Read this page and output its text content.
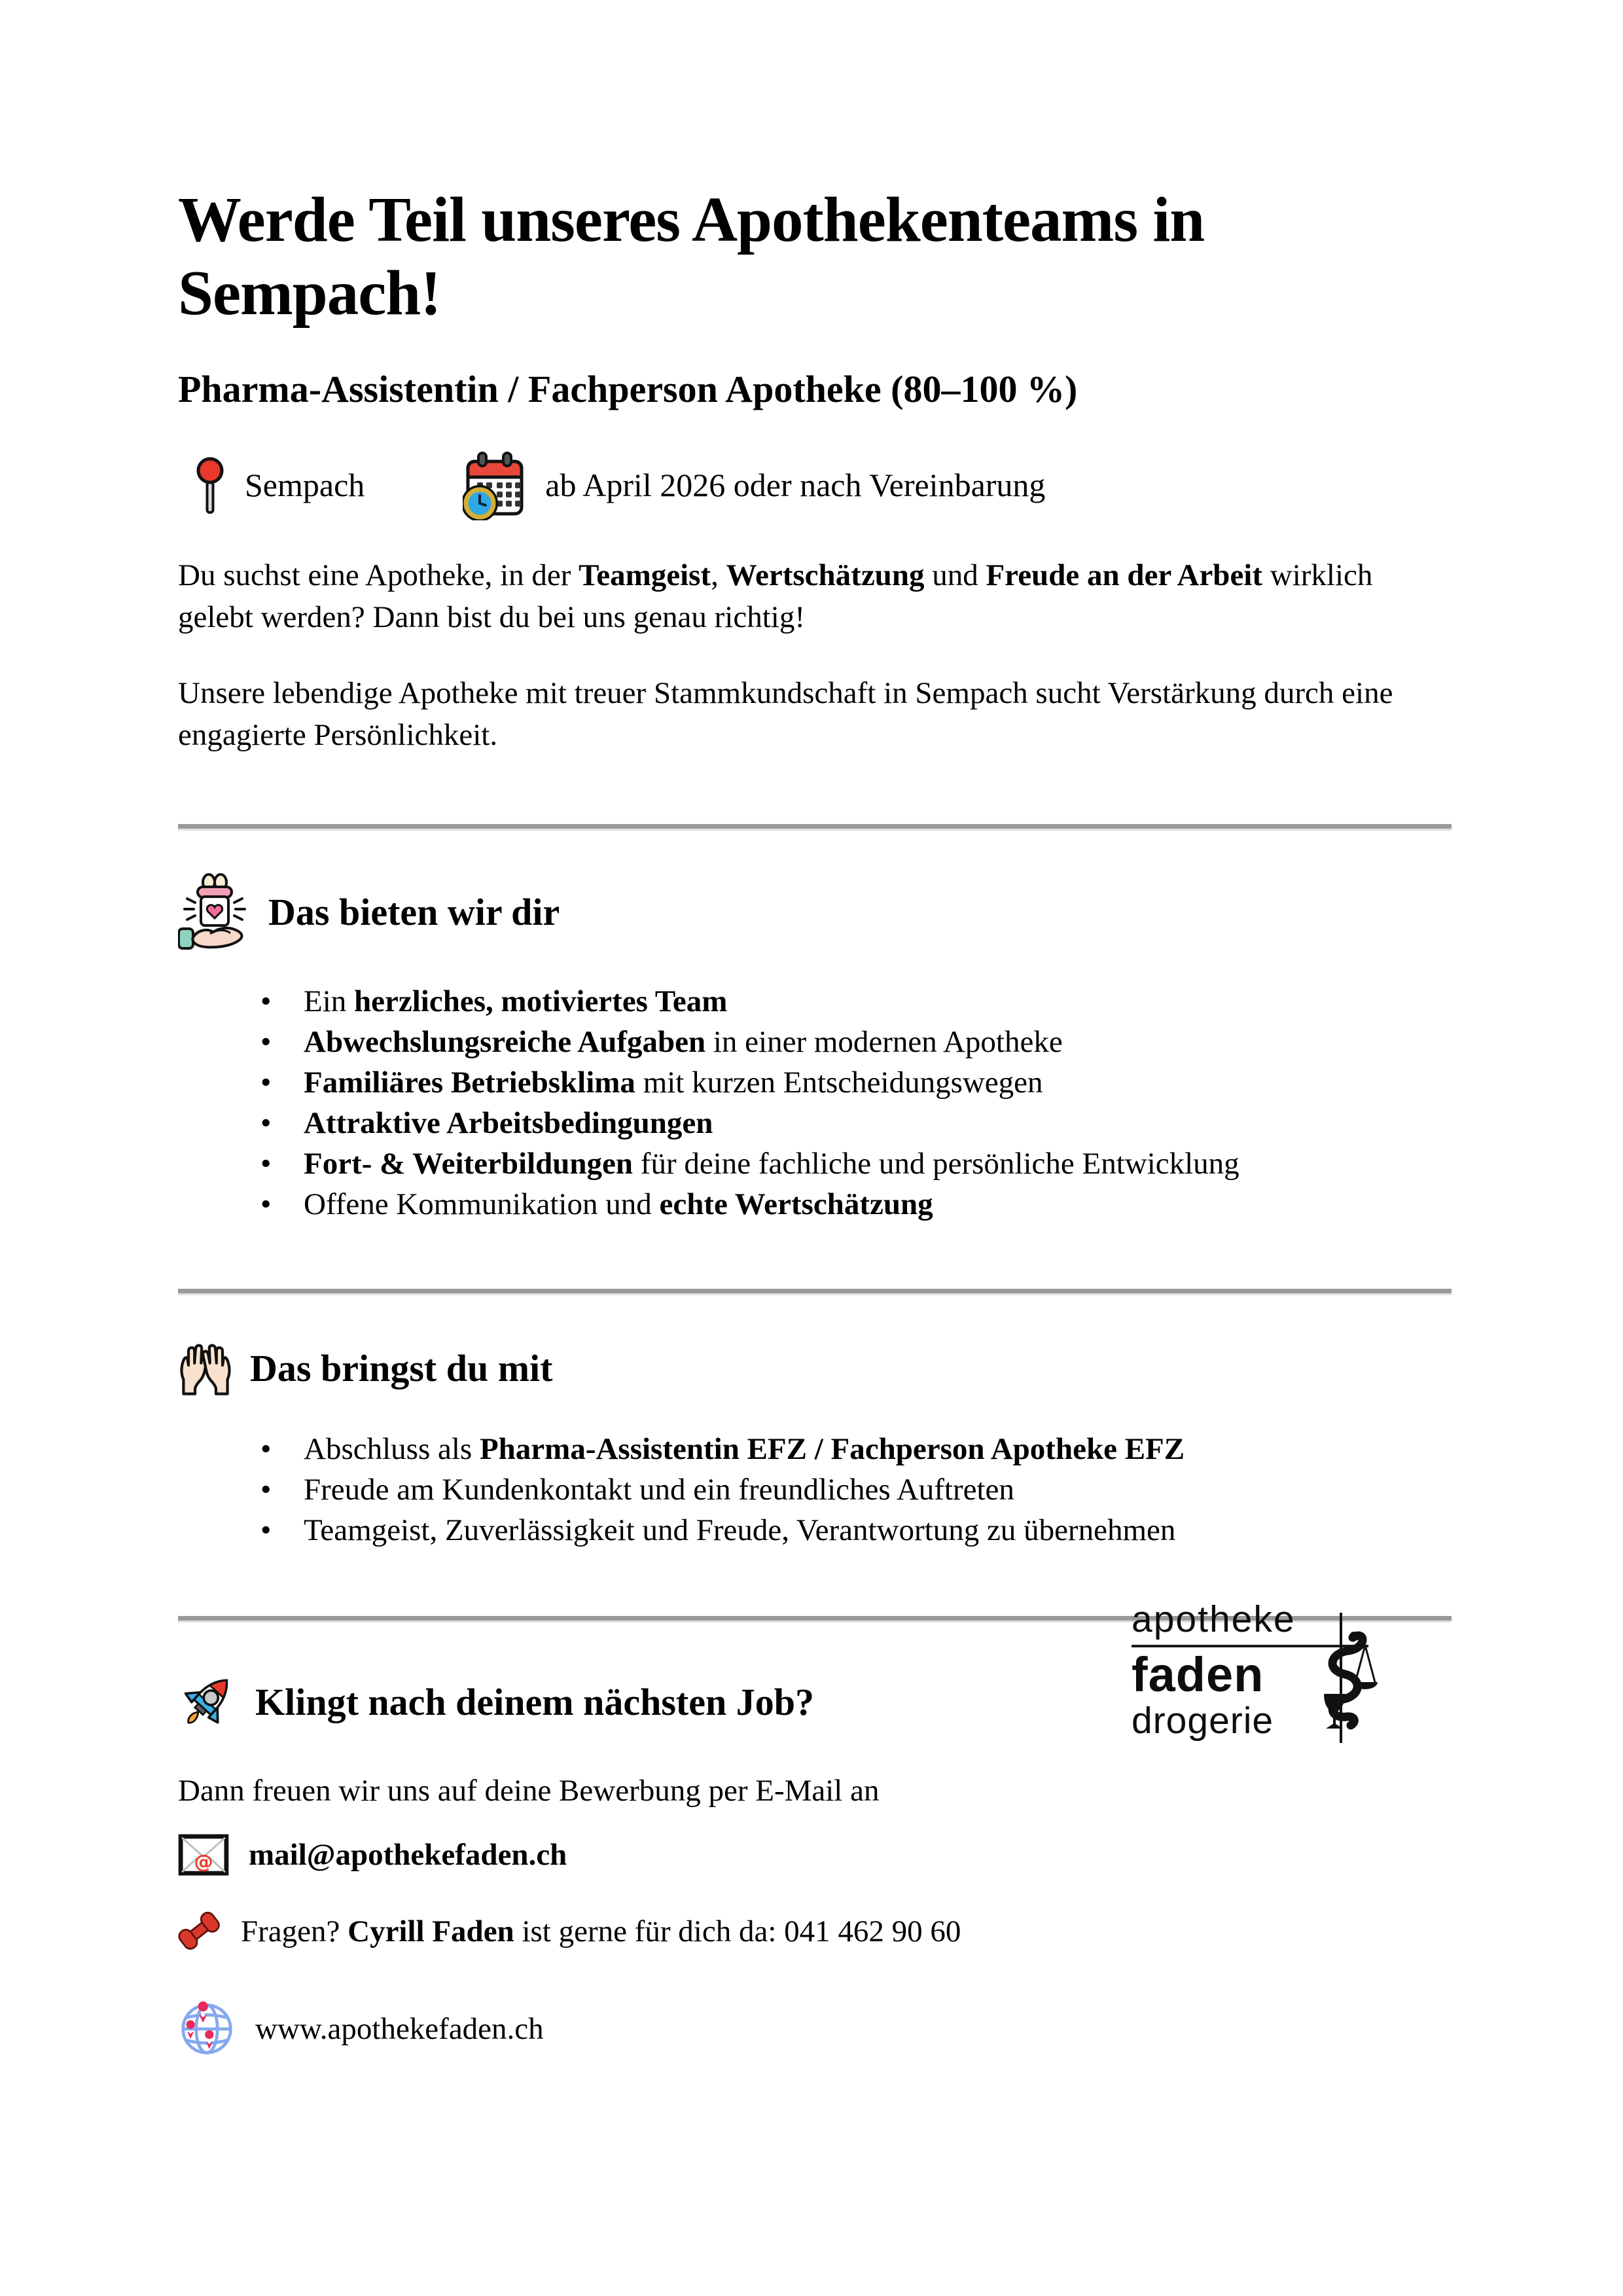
Werde Teil unseres Apothekenteams in Sempach!
Pharma-Assistentin / Fachperson Apotheke (80–100 %)
Sempach	ab April 2026 oder nach Vereinbarung

Du suchst eine Apotheke, in der Teamgeist, Wertschätzung und Freude an der Arbeit wirklich gelebt werden? Dann bist du bei uns genau richtig!

Unsere lebendige Apotheke mit treuer Stammkundschaft in Sempach sucht Verstärkung durch eine engagierte Persönlichkeit.

Das bieten wir dir
• Ein herzliches, motiviertes Team
• Abwechslungsreiche Aufgaben in einer modernen Apotheke
• Familiäres Betriebsklima mit kurzen Entscheidungswegen
• Attraktive Arbeitsbedingungen
• Fort- & Weiterbildungen für deine fachliche und persönliche Entwicklung
• Offene Kommunikation und echte Wertschätzung
Das bringst du mit
• Abschluss als Pharma-Assistentin EFZ / Fachperson Apotheke EFZ
• Freude am Kundenkontakt und ein freundliches Auftreten
• Teamgeist, Zuverlässigkeit und Freude, Verantwortung zu übernehmen
Klingt nach deinem nächsten Job?

Dann freuen wir uns auf deine Bewerbung per E-Mail an

@ mail@apothekefaden.ch
Fragen? Cyrill Faden ist gerne für dich da: 041 462 90 60
www.apothekefaden.ch
apotheke
faden
drogerie
